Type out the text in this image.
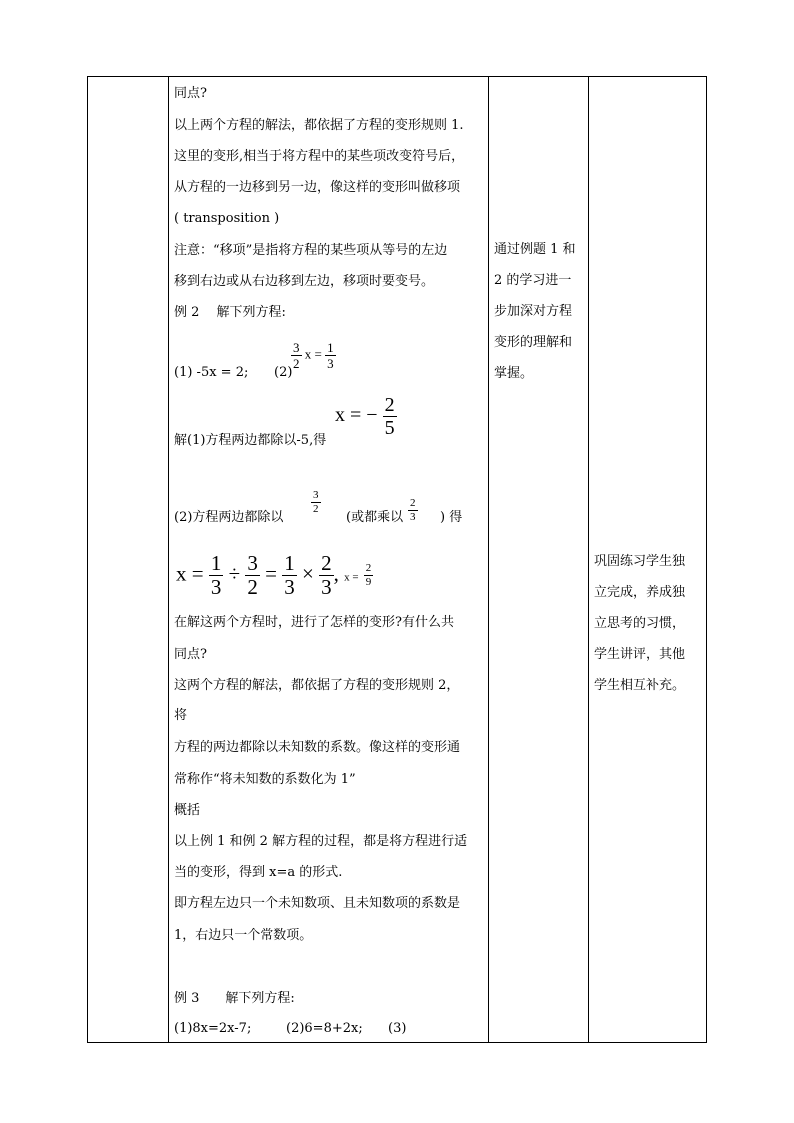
同点?
以上两个方程的解法，都依据了方程的变形规则 1.
这里的变形,相当于将方程中的某些项改变符号后，
从方程的一边移到另一边，像这样的变形叫做移项
( transposition )
注意：“移项”是指将方程的某些项从等号的左边
移到右边或从右边移到左边，移项时要变号。
例 2　 解下列方程:
(1) -5x = 2; (2)
$\frac{3}{2}$ $x = \frac{1}{3}$
x = − $\frac{2}{5}$
解(1)方程两边都除以-5,得
(2)方程两边都除以
$\frac{3}{2}$
(或都乘以 $\frac{2}{3}$ ) 得
$x = \frac{1}{3} \div \frac{3}{2} = \frac{1}{3} \times \frac{2}{3}$ , $x = \frac{2}{9}$
在解这两个方程时，进行了怎样的变形?有什么共
同点?
这两个方程的解法，都依据了方程的变形规则 2，
将
方程的两边都除以未知数的系数。像这样的变形通
常称作“将未知数的系数化为 1”
概括
以上例 1 和例 2 解方程的过程，都是将方程进行适
当的变形，得到 x=a 的形式.
即方程左边只一个未知数项、且未知数项的系数是
1，右边只一个常数项。
例 3　　解下列方程:
(1)8x=2x-7;	(2)6=8+2x; (3)
通过例题 1 和
2 的学习进一
步加深对方程
变形的理解和
掌握。
巩固练习学生独
立完成，养成独
立思考的习惯，
学生讲评，其他
学生相互补充。
